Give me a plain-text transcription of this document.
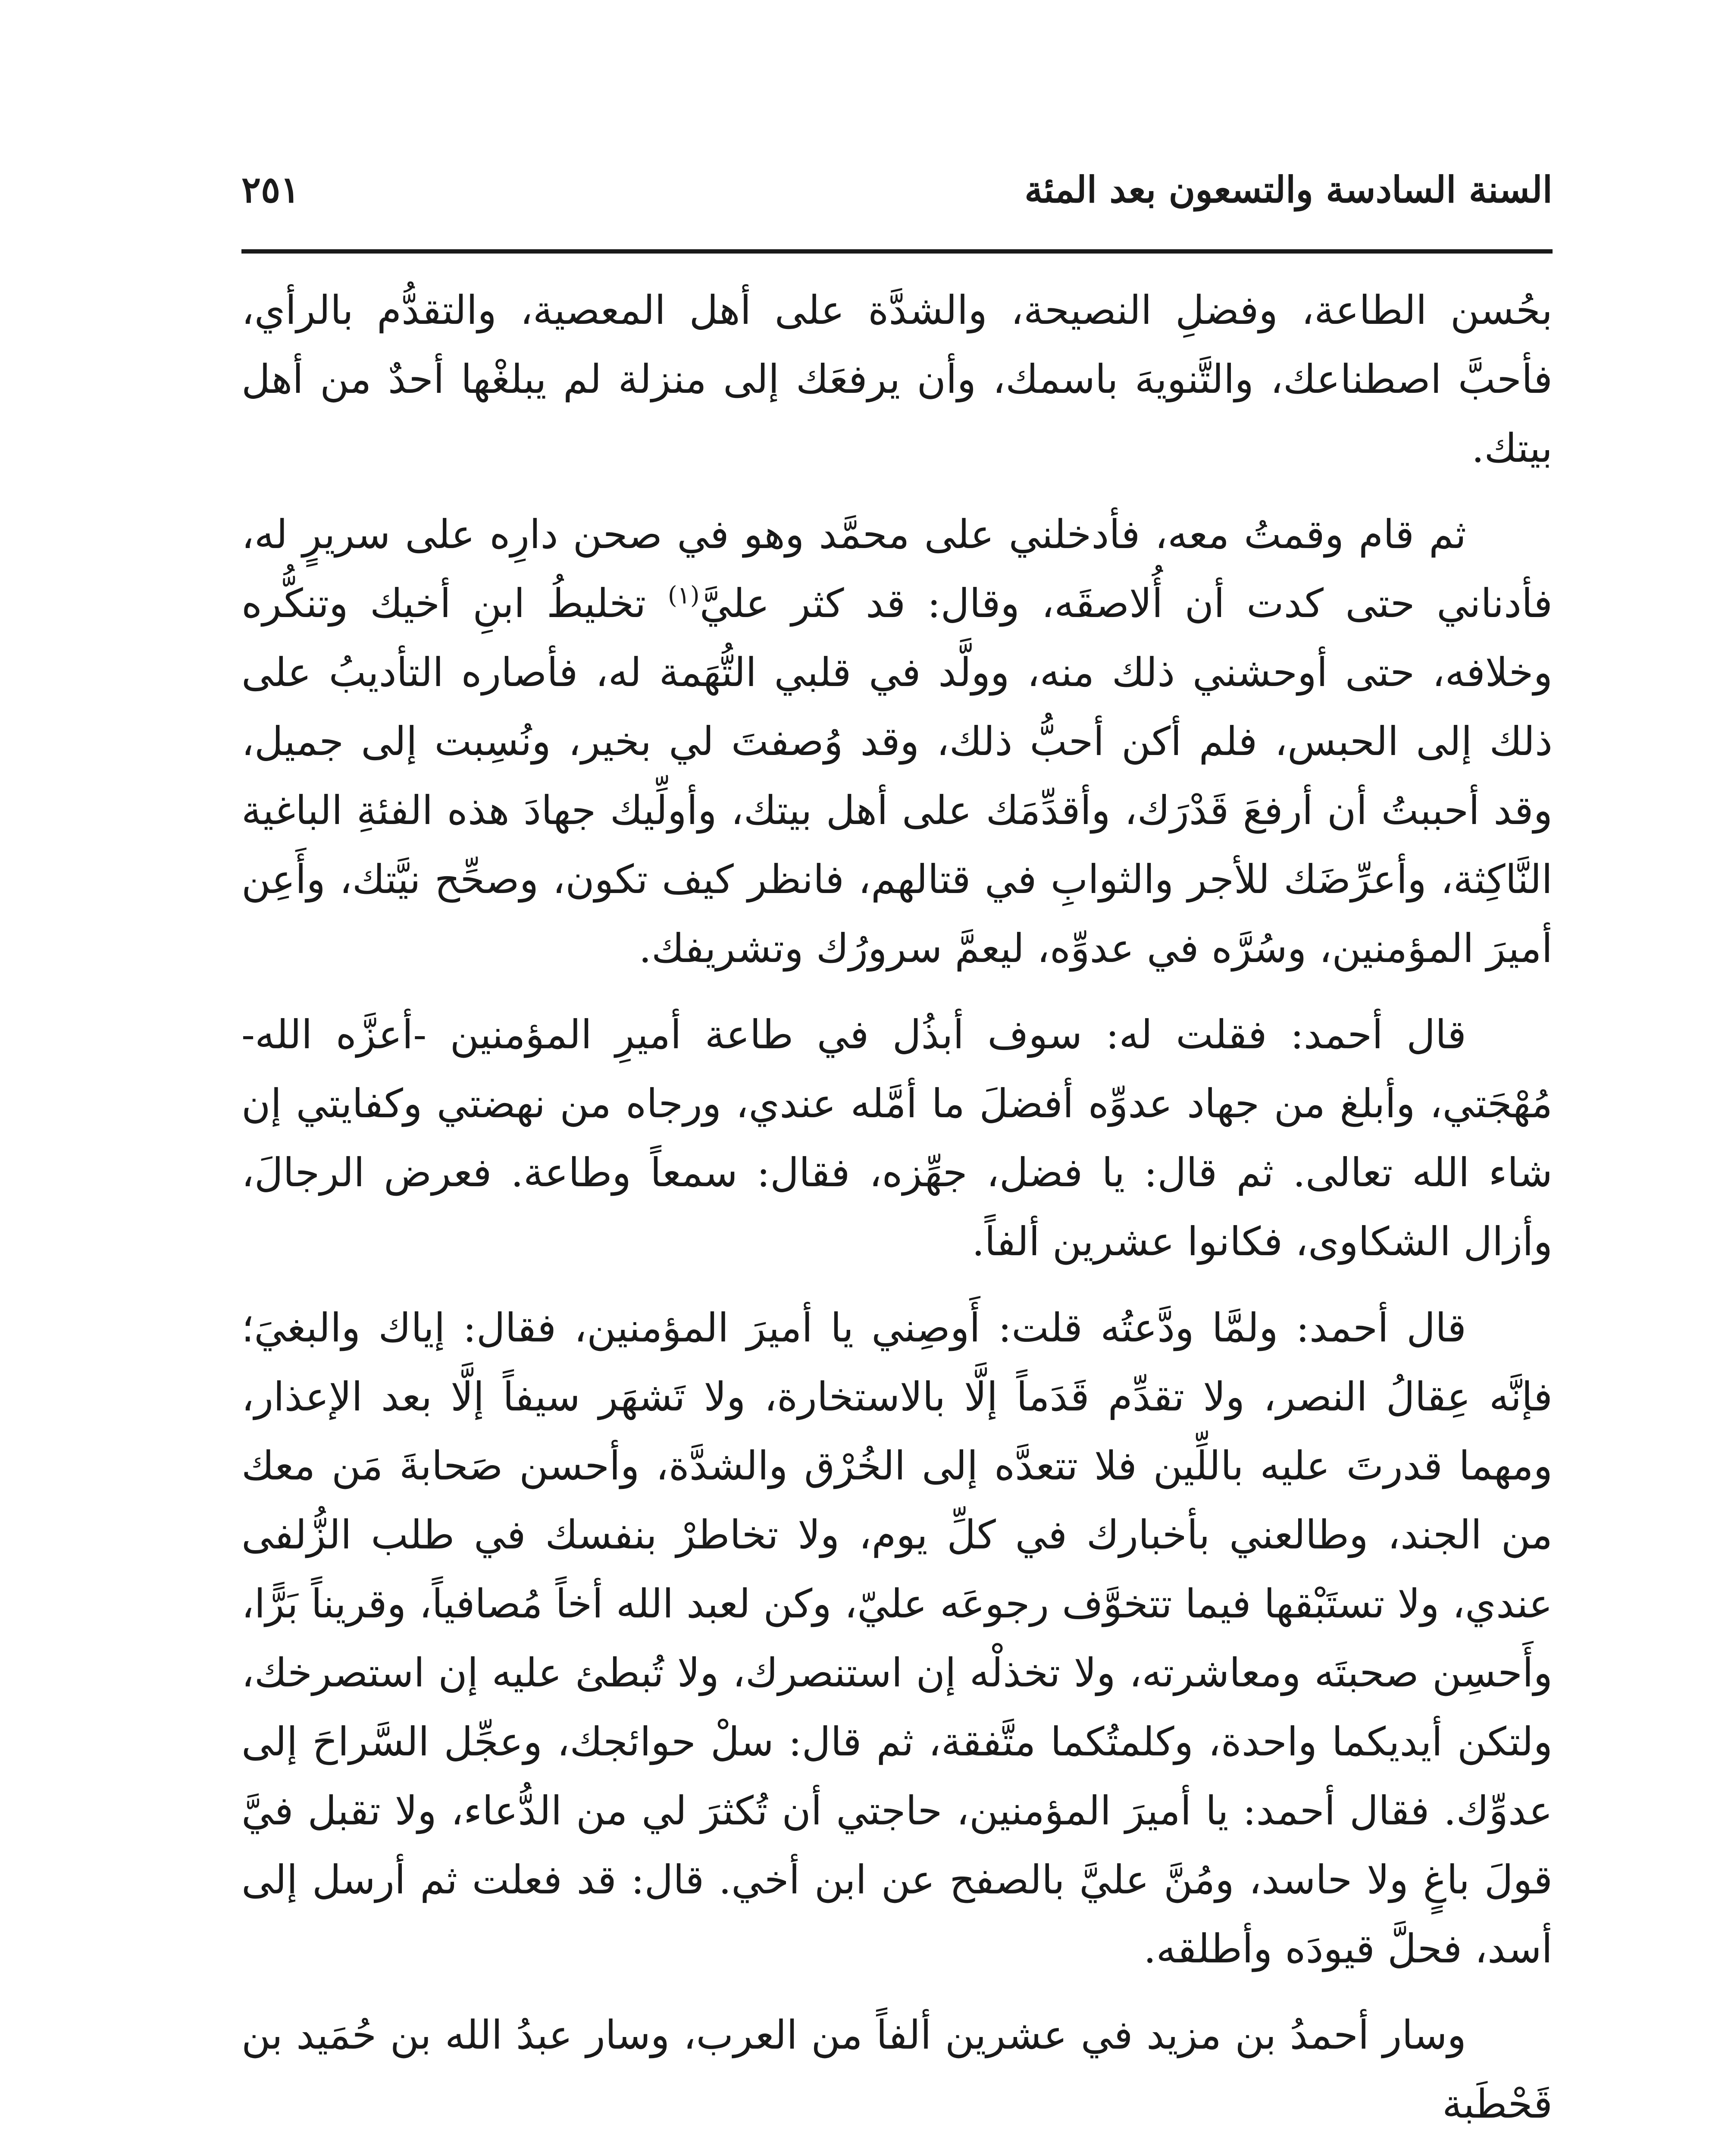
٢٥١	السنة السادسة والتسعون بعد المئة

بحُسن الطاعة، وفضلِ النصيحة، والشدَّة على أهل المعصية، والتقدُّم بالرأي، فأحبَّ اصطناعك، والتَّنويهَ باسمك، وأن يرفعَك إلى منزلة لم يبلغْها أحدٌ من أهل بيتك.

ثم قام وقمتُ معه، فأدخلني على محمَّد وهو في صحن دارِه على سريرٍ له، فأدناني حتى كدت أن أُلاصقَه، وقال: قد كثر عليَّ$^{(١)}$ تخليطُ ابنِ أخيك وتنكُّره وخلافه، حتى أوحشني ذلك منه، وولَّد في قلبي التُّهَمة له، فأصاره التأديبُ على ذلك إلى الحبس، فلم أكن أحبُّ ذلك، وقد وُصفتَ لي بخير، ونُسِبت إلى جميل، وقد أحببتُ أن أرفعَ قَدْرَك، وأقدِّمَك على أهل بيتك، وأولِّيك جهادَ هذه الفئةِ الباغية النَّاكِثة، وأعرِّضَك للأجر والثوابِ في قتالهم، فانظر كيف تكون، وصحِّح نيَّتك، وأَعِن أميرَ المؤمنين، وسُرَّه في عدوِّه، ليعمَّ سرورُك وتشريفك.

قال أحمد: فقلت له: سوف أبذُل في طاعة أميرِ المؤمنين -أعزَّه الله- مُهْجَتي، وأبلغ من جهاد عدوِّه أفضلَ ما أمَّله عندي، ورجاه من نهضتي وكفايتي إن شاء الله تعالى. ثم قال: يا فضل، جهِّزه، فقال: سمعاً وطاعة. فعرض الرجالَ، وأزال الشكاوى، فكانوا عشرين ألفاً.

قال أحمد: ولمَّا ودَّعتُه قلت: أَوصِني يا أميرَ المؤمنين، فقال: إياك والبغيَ؛ فإنَّه عِقالُ النصر، ولا تقدِّم قَدَماً إلَّا بالاستخارة، ولا تَشهَر سيفاً إلَّا بعد الإعذار، ومهما قدرتَ عليه باللِّين فلا تتعدَّه إلى الخُرْق والشدَّة، وأحسن صَحابةَ مَن معك من الجند، وطالعني بأخبارك في كلِّ يوم، ولا تخاطرْ بنفسك في طلب الزُّلفى عندي، ولا تستَبْقها فيما تتخوَّف رجوعَه عليّ، وكن لعبد الله أخاً مُصافياً، وقريناً بَرًّا، وأَحسِن صحبتَه ومعاشرته، ولا تخذلْه إن استنصرك، ولا تُبطئ عليه إن استصرخك، ولتكن أيديكما واحدة، وكلمتُكما متَّفقة، ثم قال: سلْ حوائجك، وعجِّل السَّراحَ إلى عدوِّك. فقال أحمد: يا أميرَ المؤمنين، حاجتي أن تُكثرَ لي من الدُّعاء، ولا تقبل فيَّ قولَ باغٍ ولا حاسد، ومُنَّ عليَّ بالصفح عن ابن أخي. قال: قد فعلت ثم أرسل إلى أسد، فحلَّ قيودَه وأطلقه.

وسار أحمدُ بن مزيد في عشرين ألفاً من العرب، وسار عبدُ الله بن حُمَيد بن قَحْطَبة
